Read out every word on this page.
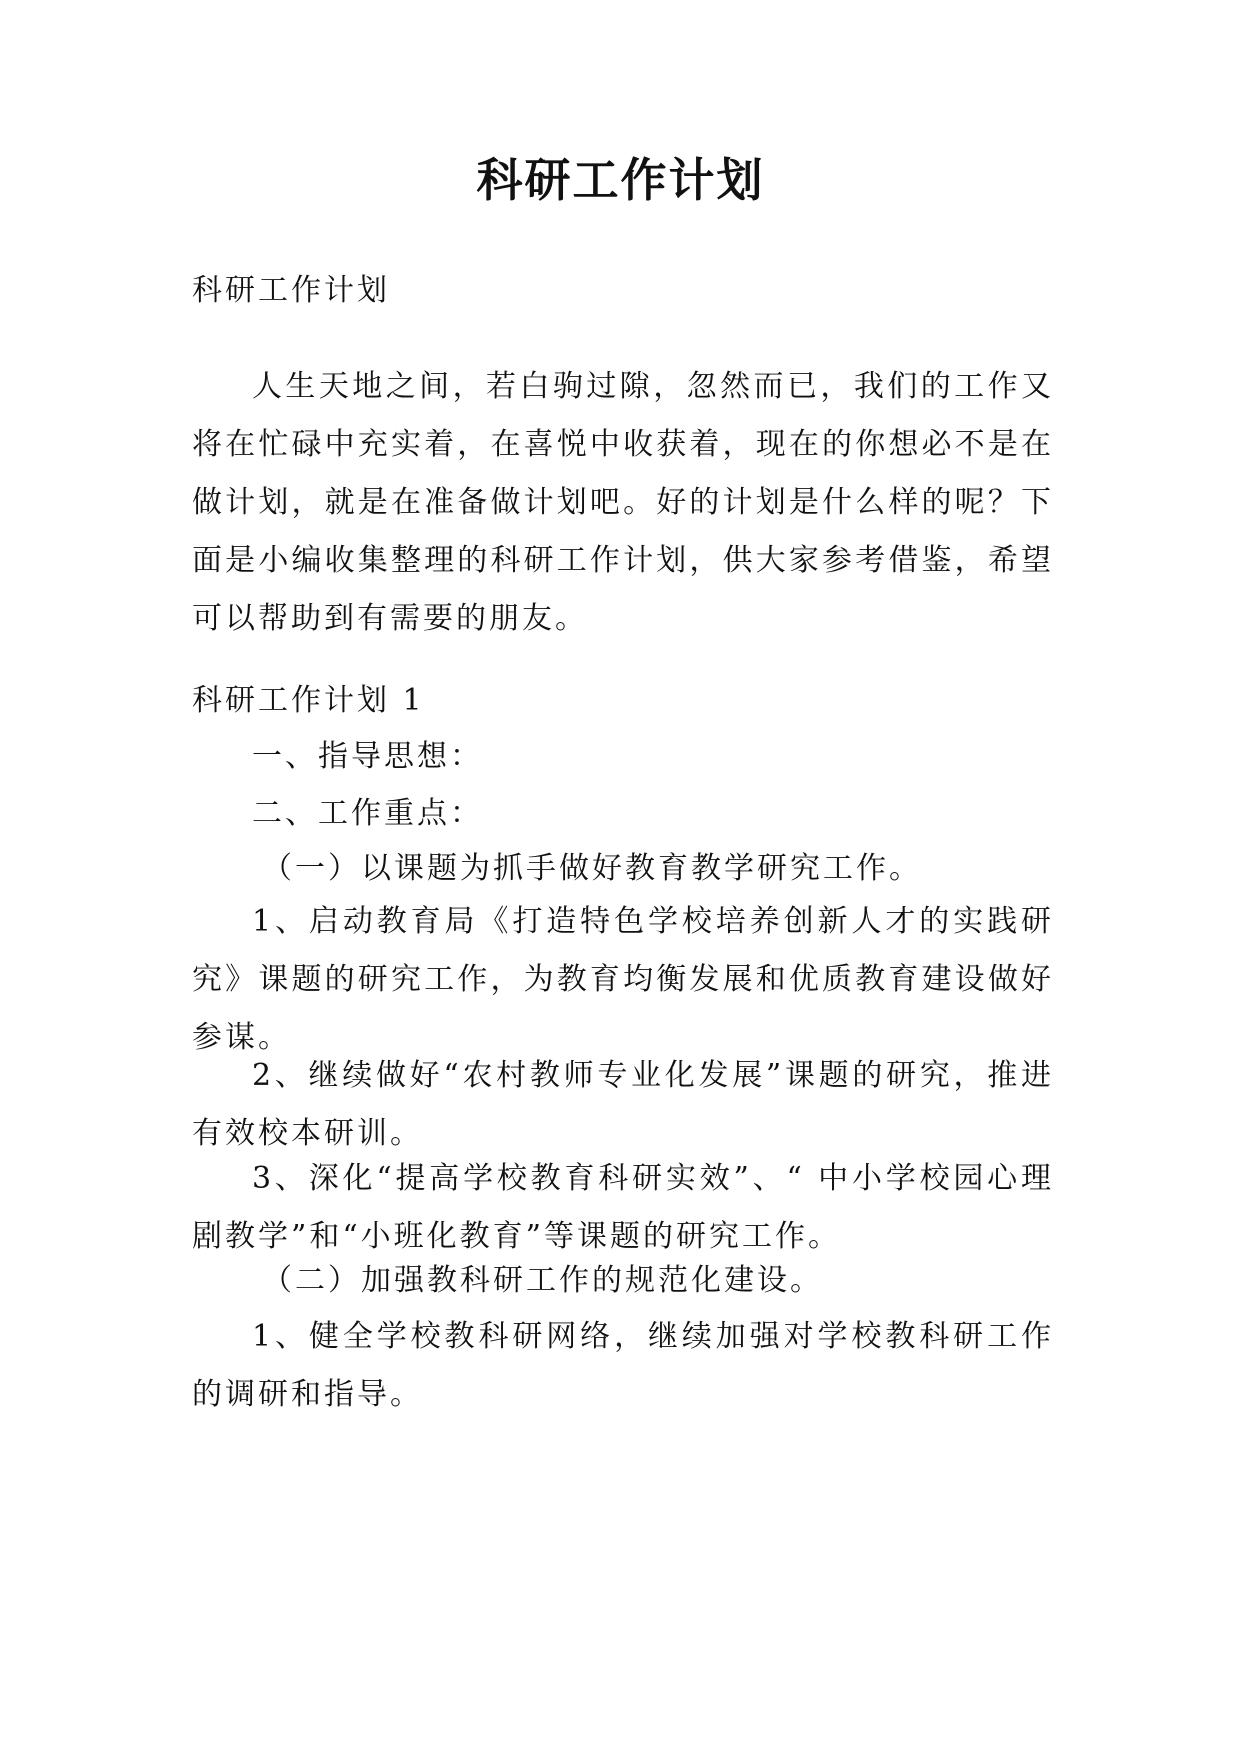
科研工作计划

科研工作计划

人生天地之间，若白驹过隙，忽然而已，我们的工作又将在忙碌中充实着，在喜悦中收获着，现在的你想必不是在做计划，就是在准备做计划吧。好的计划是什么样的呢？下面是小编收集整理的科研工作计划，供大家参考借鉴，希望可以帮助到有需要的朋友。

科研工作计划 1

一、指导思想：

二、工作重点：

（一）以课题为抓手做好教育教学研究工作。

1、启动教育局《打造特色学校培养创新人才的实践研究》课题的研究工作，为教育均衡发展和优质教育建设做好参谋。

2、继续做好“农村教师专业化发展”课题的研究，推进有效校本研训。

3、深化“提高学校教育科研实效”、“ 中小学校园心理剧教学”和“小班化教育”等课题的研究工作。

（二）加强教科研工作的规范化建设。

1、健全学校教科研网络，继续加强对学校教科研工作的调研和指导。
